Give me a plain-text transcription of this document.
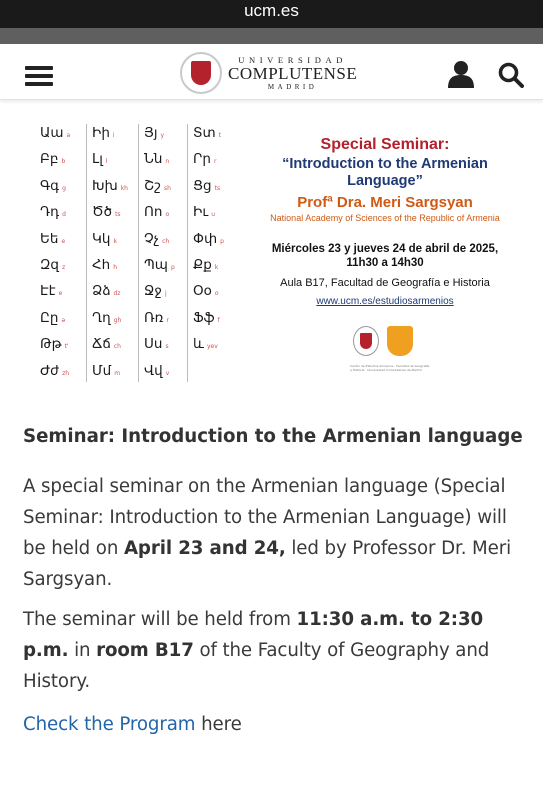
ucm.es
UNIVERSIDAD
COMPLUTENSE
MADRID
Աա a
Բբ b
Գգ g
Դդ d
Եե e
Զզ z
Էէ e
Ըը ə
Թթ t'
Ժժ zh
Իի i
Լլ l
Խխ kh
Ծծ ts
Կկ k
Հհ h
Ձձ dz
Ղղ gh
Ճճ ch
Մմ m
Յյ y
Նն n
Շշ sh
Ոո o
Չչ ch
Պպ p
Ջջ j
Ռռ r
Սս s
Վվ v
Տտ t
Րր r
Ցց ts
Իւ u
Փփ p
Քք k
Օօ o
Ֆֆ f
ևyev
Special Seminar:
“Introduction to the Armenian
Language”
Profª Dra. Meri Sargsyan
National Academy of Sciences of the Republic of Armenia
Miércoles 23 y jueves 24 de abril de 2025,
11h30 a 14h30
Aula B17, Facultad de Geografía e Historia
www.ucm.es/estudiosarmenios
Centro de Estudios Armenios · Facultad de Geografía e Historia · Universidad Complutense de Madrid
Seminar: Introduction to the Armenian language

A special seminar on the Armenian language (Special Seminar: Introduction to the Armenian Language) will be held on April 23 and 24, led by Professor Dr. Meri Sargsyan.

The seminar will be held from 11:30 a.m. to 2:30 p.m. in room B17 of the Faculty of Geography and History.

Check the Program here
